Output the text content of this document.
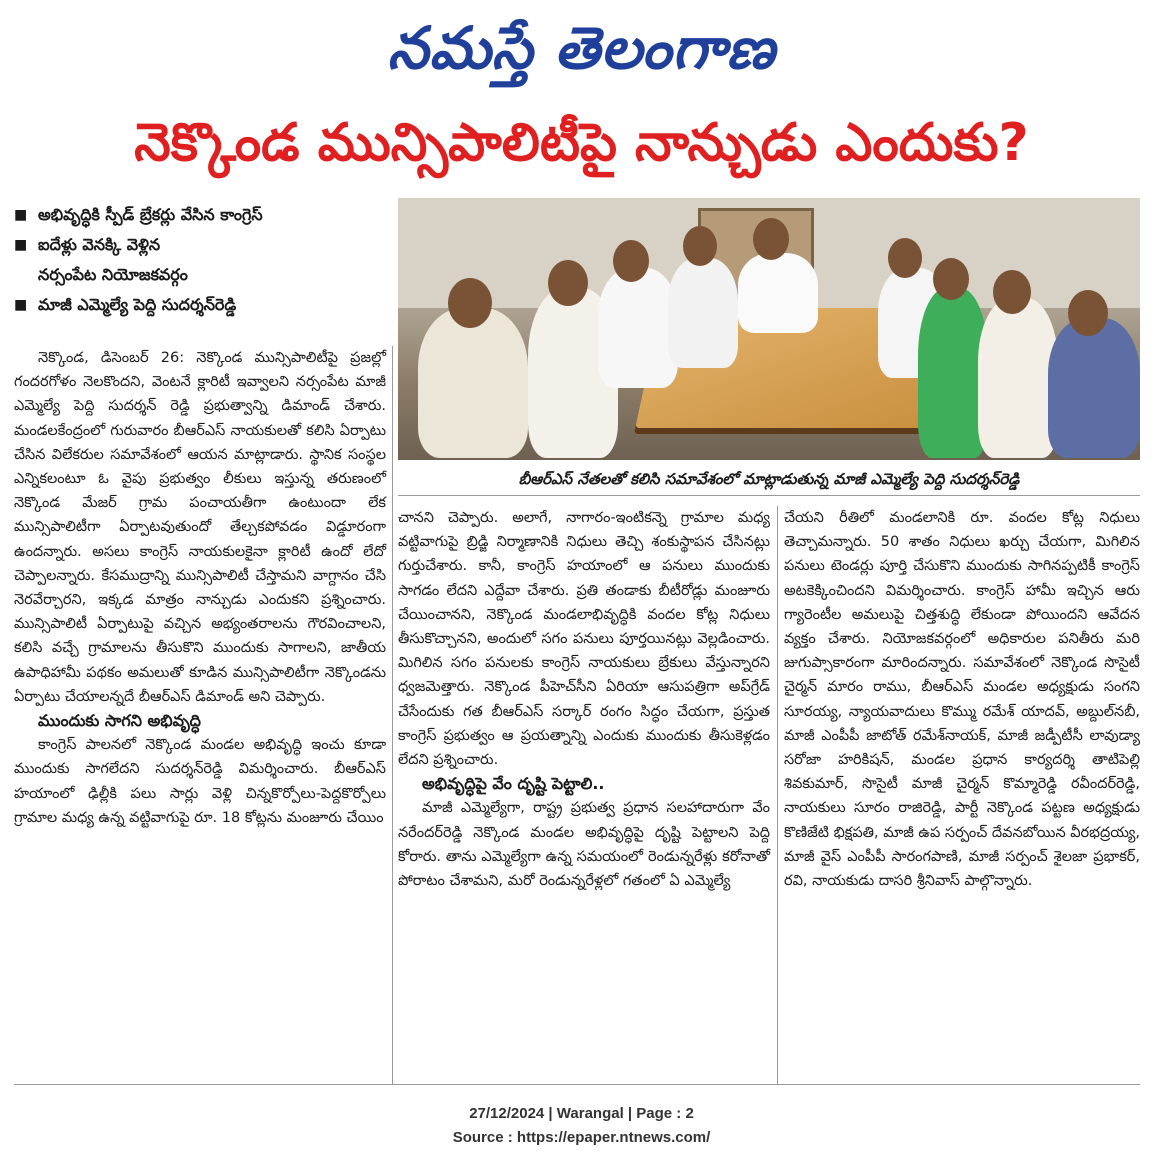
నమస్తే తెలంగాణ
నెక్కొండ మున్సిపాలిటీపై నాన్చుడు ఎందుకు?
■ అభివృద్ధికి స్పీడ్ బ్రేకర్లు వేసిన కాంగ్రెస్
■ ఐదేళ్లు వెనక్కి వెళ్లిన
నర్సంపేట నియోజకవర్గం
■ మాజీ ఎమ్మెల్యే పెద్ది సుదర్శన్‌రెడ్డి
బీఆర్ఎస్ నేతలతో కలిసి సమావేశంలో మాట్లాడుతున్న మాజీ ఎమ్మెల్యే పెద్ది సుదర్శన్‌రెడ్డి

నెక్కొండ, డిసెంబర్ 26: నెక్కొండ మున్సిపాలిటీపై ప్రజల్లో గందరగోళం నెలకొందని, వెంటనే క్లారిటీ ఇవ్వాలని నర్సంపేట మాజీ ఎమ్మెల్యే పెద్ది సుదర్శన్ రెడ్డి ప్రభుత్వాన్ని డిమాండ్ చేశారు. మండలకేంద్రంలో గురువారం బీఆర్ఎస్ నాయకులతో కలిసి ఏర్పాటు చేసిన విలేకరుల సమావేశంలో ఆయన మాట్లాడారు. స్థానిక సంస్థల ఎన్నికలంటూ ఓ వైపు ప్రభుత్వం లీకులు ఇస్తున్న తరుణంలో నెక్కొండ మేజర్ గ్రామ పంచాయతీగా ఉంటుందా లేక మున్సిపాలిటీగా ఏర్పాటవుతుందో తేల్చకపోవడం విడ్డూరంగా ఉందన్నారు. అసలు కాంగ్రెస్ నాయకులకైనా క్లారిటీ ఉందో లేదో చెప్పాలన్నారు. కేసముద్రాన్ని మున్సిపాలిటీ చేస్తామని వాగ్దానం చేసి నెరవేర్చారని, ఇక్కడ మాత్రం నాన్చుడు ఎందుకని ప్రశ్నించారు. మున్సిపాలిటీ ఏర్పాటుపై వచ్చిన అభ్యంతరాలను గౌరవించాలని, కలిసి వచ్చే గ్రామాలను తీసుకొని ముందుకు సాగాలని, జాతీయ ఉపాధిహామీ పథకం అమలుతో కూడిన మున్సిపాలిటీగా నెక్కొండను ఏర్పాటు చేయాలన్నదే బీఆర్ఎస్ డిమాండ్ అని చెప్పారు.

ముందుకు సాగని అభివృద్ధి

కాంగ్రెస్ పాలనలో నెక్కొండ మండల అభివృద్ధి ఇంచు కూడా ముందుకు సాగలేదని సుదర్శన్‌రెడ్డి విమర్శించారు. బీఆర్ఎస్ హయాంలో ఢిల్లీకి పలు సార్లు వెళ్లి చిన్నకొర్పోలు-పెద్దకొర్పోలు గ్రామాల మధ్య ఉన్న వట్టివాగుపై రూ. 18 కోట్లను మంజూరు చేయిం

చానని చెప్పారు. అలాగే, నాగారం-ఇంటికన్నె గ్రామాల మధ్య వట్టివాగుపై బ్రిడ్జి నిర్మాణానికి నిధులు తెచ్చి శంకుస్థాపన చేసినట్లు గుర్తుచేశారు. కానీ, కాంగ్రెస్ హయాంలో ఆ పనులు ముందుకు సాగడం లేదని ఎద్దేవా చేశారు. ప్రతి తండాకు బీటీరోడ్లు మంజూరు చేయించానని, నెక్కొండ మండలాభివృద్ధికి వందల కోట్ల నిధులు తీసుకొచ్చానని, అందులో సగం పనులు పూర్తయినట్లు వెల్లడించారు. మిగిలిన సగం పనులకు కాంగ్రెస్ నాయకులు బ్రేకులు వేస్తున్నారని ధ్వజమెత్తారు. నెక్కొండ పీహెచ్‌సీని ఏరియా ఆసుపత్రిగా అప్‌గ్రేడ్ చేసేందుకు గత బీఆర్ఎస్ సర్కార్ రంగం సిద్ధం చేయగా, ప్రస్తుత కాంగ్రెస్ ప్రభుత్వం ఆ ప్రయత్నాన్ని ఎందుకు ముందుకు తీసుకెళ్లడం లేదని ప్రశ్నించారు.

అభివృద్ధిపై వేం దృష్టి పెట్టాలి..

మాజీ ఎమ్మెల్యేగా, రాష్ట్ర ప్రభుత్వ ప్రధాన సలహాదారుగా వేం నరేందర్‌రెడ్డి నెక్కొండ మండల అభివృద్ధిపై దృష్టి పెట్టాలని పెద్ది కోరారు. తాను ఎమ్మెల్యేగా ఉన్న సమయంలో రెండున్నరేళ్లు కరోనాతో పోరాటం చేశామని, మరో రెండున్నరేళ్లలో గతంలో ఏ ఎమ్మెల్యే

చేయని రీతిలో మండలానికి రూ. వందల కోట్ల నిధులు తెచ్చామన్నారు. 50 శాతం నిధులు ఖర్చు చేయగా, మిగిలిన పనులు టెండర్లు పూర్తి చేసుకొని ముందుకు సాగినప్పటికీ కాంగ్రెస్ అటకెక్కించిందని విమర్శించారు. కాంగ్రెస్ హామీ ఇచ్చిన ఆరు గ్యారెంటీల అమలుపై చిత్తశుద్ధి లేకుండా పోయిందని ఆవేదన వ్యక్తం చేశారు. నియోజకవర్గంలో అధికారుల పనితీరు మరి జుగుప్సాకారంగా మారిందన్నారు. సమావేశంలో నెక్కొండ సొసైటీ చైర్మన్ మారం రాము, బీఆర్ఎస్ మండల అధ్యక్షుడు సంగని సూరయ్య, న్యాయవాదులు కొమ్ము రమేశ్ యాదవ్, అబ్దుల్‌నబీ, మాజీ ఎంపీపీ జాటోత్ రమేశ్‌నాయక్, మాజీ జడ్పీటీసీ లావుడ్యా సరోజా హరికిషన్, మండల ప్రధాన కార్యదర్శి తాటిపెల్లి శివకుమార్, సొసైటీ మాజీ చైర్మన్ కొమ్మారెడ్డి రవీందర్‌రెడ్డి, నాయకులు సూరం రాజిరెడ్డి, పార్టీ నెక్కొండ పట్టణ అధ్యక్షుడు కొణిజేటి భిక్షపతి, మాజీ ఉప సర్పంచ్ దేవనబోయిన వీరభద్రయ్య, మాజీ వైస్ ఎంపీపీ సారంగపాణి, మాజీ సర్పంచ్ శైలజా ప్రభాకర్, రవి, నాయకుడు దాసరి శ్రీనివాస్ పాల్గొన్నారు.

27/12/2024 | Warangal | Page : 2
Source : https://epaper.ntnews.com/
